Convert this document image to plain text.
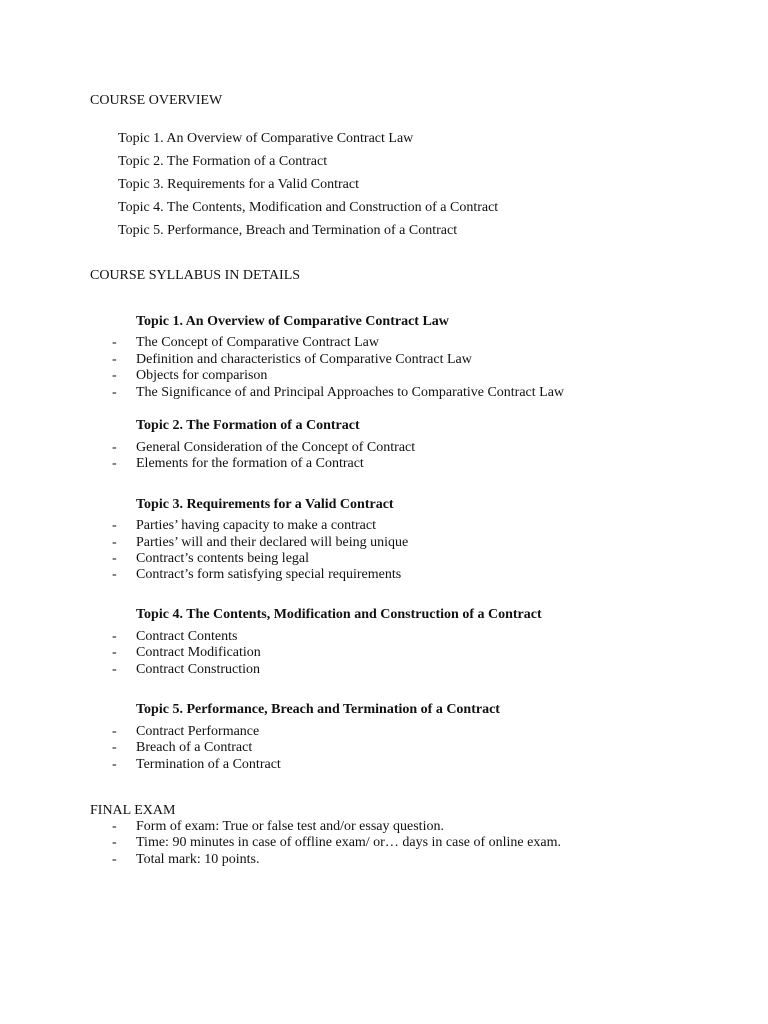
COURSE OVERVIEW
Topic 1. An Overview of Comparative Contract Law
Topic 2. The Formation of a Contract
Topic 3. Requirements for a Valid Contract
Topic 4. The Contents, Modification and Construction of a Contract
Topic 5. Performance, Breach and Termination of a Contract
COURSE SYLLABUS IN DETAILS
Topic 1. An Overview of Comparative Contract Law
- The Concept of Comparative Contract Law
- Definition and characteristics of Comparative Contract Law
- Objects for comparison
- The Significance of and Principal Approaches to Comparative Contract Law
Topic 2. The Formation of a Contract
- General Consideration of the Concept of Contract
- Elements for the formation of a Contract
Topic 3. Requirements for a Valid Contract
- Parties’ having capacity to make a contract
- Parties’ will and their declared will being unique
- Contract’s contents being legal
- Contract’s form satisfying special requirements
Topic 4. The Contents, Modification and Construction of a Contract
- Contract Contents
- Contract Modification
- Contract Construction
Topic 5. Performance, Breach and Termination of a Contract
- Contract Performance
- Breach of a Contract
- Termination of a Contract
FINAL EXAM
- Form of exam: True or false test and/or essay question.
- Time: 90 minutes in case of offline exam/ or… days in case of online exam.
- Total mark: 10 points.
